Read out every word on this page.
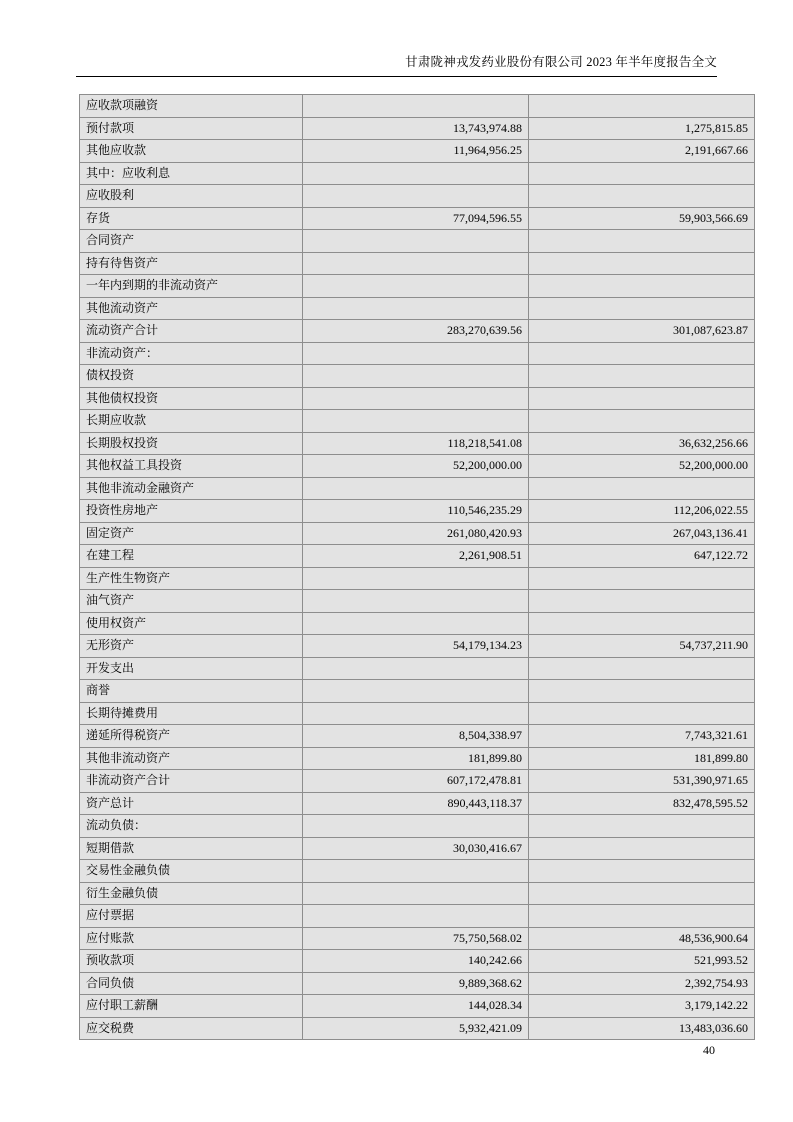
甘肃陇神戎发药业股份有限公司 2023 年半年度报告全文
应收款项融资		
预付款项	13,743,974.88	1,275,815.85
其他应收款	11,964,956.25	2,191,667.66
其中：应收利息		
应收股利		
存货	77,094,596.55	59,903,566.69
合同资产		
持有待售资产		
一年内到期的非流动资产		
其他流动资产		
流动资产合计	283,270,639.56	301,087,623.87
非流动资产：		
债权投资		
其他债权投资		
长期应收款		
长期股权投资	118,218,541.08	36,632,256.66
其他权益工具投资	52,200,000.00	52,200,000.00
其他非流动金融资产		
投资性房地产	110,546,235.29	112,206,022.55
固定资产	261,080,420.93	267,043,136.41
在建工程	2,261,908.51	647,122.72
生产性生物资产		
油气资产		
使用权资产		
无形资产	54,179,134.23	54,737,211.90
开发支出		
商誉		
长期待摊费用		
递延所得税资产	8,504,338.97	7,743,321.61
其他非流动资产	181,899.80	181,899.80
非流动资产合计	607,172,478.81	531,390,971.65
资产总计	890,443,118.37	832,478,595.52
流动负债：		
短期借款	30,030,416.67	
交易性金融负债		
衍生金融负债		
应付票据		
应付账款	75,750,568.02	48,536,900.64
预收款项	140,242.66	521,993.52
合同负债	9,889,368.62	2,392,754.93
应付职工薪酬	144,028.34	3,179,142.22
应交税费	5,932,421.09	13,483,036.60
40
